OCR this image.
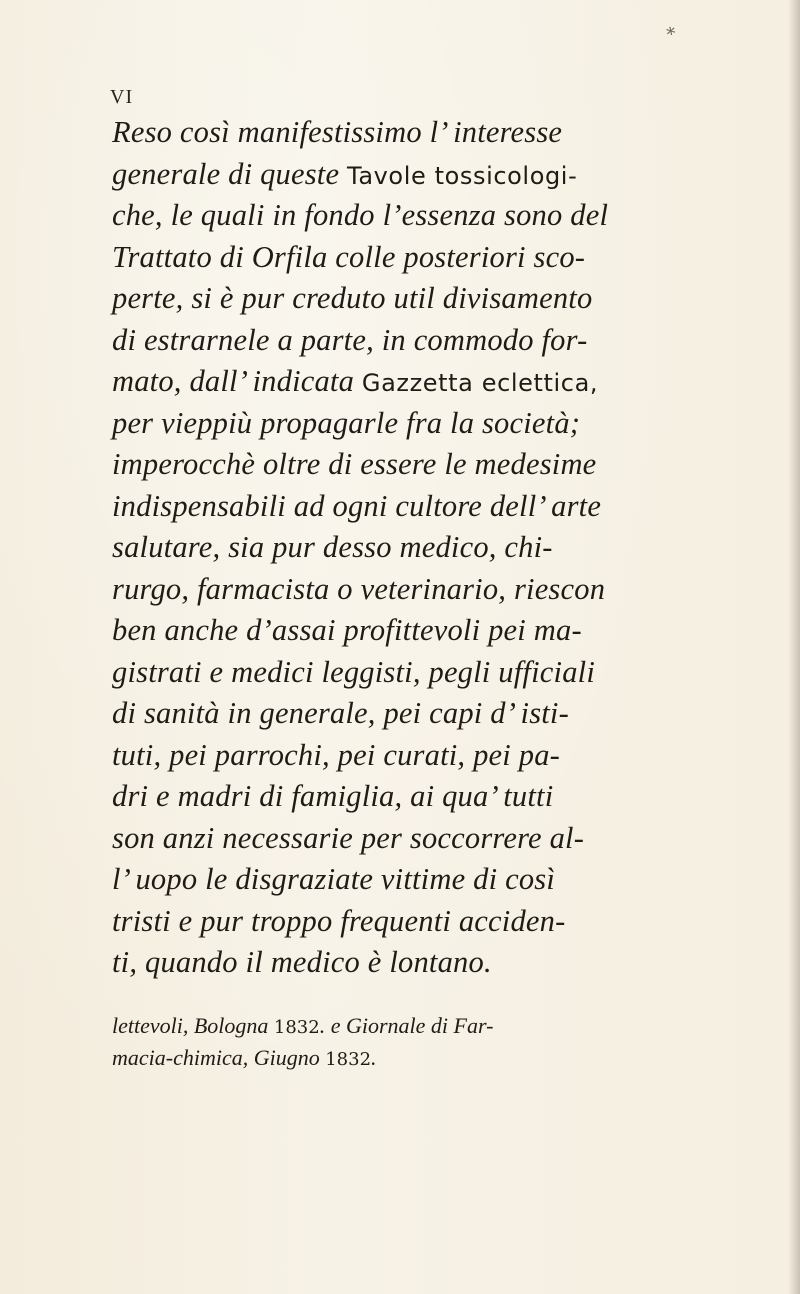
*
VI
Reso così manifestissimo l’ interesse
generale di queste Tavole tossicologi-
che, le quali in fondo l’essenza sono del
Trattato di Orfila colle posteriori sco-
perte, si è pur creduto util divisamento
di estrarnele a parte, in commodo for-
mato, dall’ indicata Gazzetta eclettica,
per vieppiù propagarle fra la società;
imperocchè oltre di essere le medesime
indispensabili ad ogni cultore dell’ arte
salutare, sia pur desso medico, chi-
rurgo, farmacista o veterinario, riescon
ben anche d’assai profittevoli pei ma-
gistrati e medici leggisti, pegli ufficiali
di sanità in generale, pei capi d’ isti-
tuti, pei parrochi, pei curati, pei pa-
dri e madri di famiglia, ai qua’ tutti
son anzi necessarie per soccorrere al-
l’ uopo le disgraziate vittime di così
tristi e pur troppo frequenti acciden-
ti, quando il medico è lontano.
lettevoli, Bologna 1832. e Giornale di Far-
macia-chimica, Giugno 1832.
